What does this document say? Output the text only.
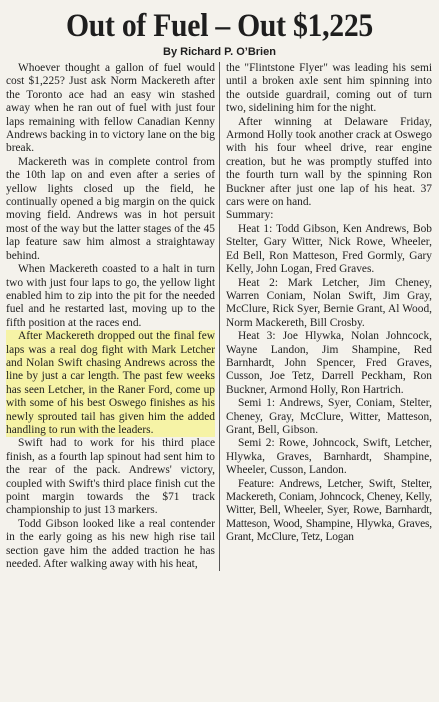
Out of Fuel – Out $1,225
By Richard P. O’Brien

Whoever thought a gallon of fuel would cost $1,225? Just ask Norm Mackereth after the Toronto ace had an easy win stashed away when he ran out of fuel with just four laps remaining with fellow Canadian Kenny Andrews backing in to victory lane on the big break.

Mackereth was in complete control from the 10th lap on and even after a series of yellow lights closed up the field, he continually opened a big margin on the quick moving field. Andrews was in hot persuit most of the way but the latter stages of the 45 lap feature saw him almost a straightaway behind.

When Mackereth coasted to a halt in turn two with just four laps to go, the yellow light enabled him to zip into the pit for the needed fuel and he restarted last, moving up to the fifth position at the races end.

After Mackereth dropped out the final few laps was a real dog fight with Mark Letcher and Nolan Swift chasing Andrews across the line by just a car length. The past few weeks has seen Letcher, in the Raner Ford, come up with some of his best Oswego finishes as his newly sprouted tail has given him the added handling to run with the leaders.

Swift had to work for his third place finish, as a fourth lap spinout had sent him to the rear of the pack. Andrews' victory, coupled with Swift's third place finish cut the point margin towards the $71 track championship to just 13 markers.

Todd Gibson looked like a real contender in the early going as his new high rise tail section gave him the added traction he has needed. After walking away with his heat,

the "Flintstone Flyer" was leading his semi until a broken axle sent him spinning into the outside guardrail, coming out of turn two, sidelining him for the night.

After winning at Delaware Friday, Armond Holly took another crack at Oswego with his four wheel drive, rear engine creation, but he was promptly stuffed into the fourth turn wall by the spinning Ron Buckner after just one lap of his heat. 37 cars were on hand.

Summary:

Heat 1: Todd Gibson, Ken Andrews, Bob Stelter, Gary Witter, Nick Rowe, Wheeler, Ed Bell, Ron Matteson, Fred Gormly, Gary Kelly, John Logan, Fred Graves.

Heat 2: Mark Letcher, Jim Cheney, Warren Coniam, Nolan Swift, Jim Gray, McClure, Rick Syer, Bernie Grant, Al Wood, Norm Mackereth, Bill Crosby.

Heat 3: Joe Hlywka, Nolan Johncock, Wayne Landon, Jim Shampine, Red Barnhardt, John Spencer, Fred Graves, Cusson, Joe Tetz, Darrell Peckham, Ron Buckner, Armond Holly, Ron Hartrich.

Semi 1: Andrews, Syer, Coniam, Stelter, Cheney, Gray, McClure, Witter, Matteson, Grant, Bell, Gibson.

Semi 2: Rowe, Johncock, Swift, Letcher, Hlywka, Graves, Barnhardt, Shampine, Wheeler, Cusson, Landon.

Feature: Andrews, Letcher, Swift, Stelter, Mackereth, Coniam, Johncock, Cheney, Kelly, Witter, Bell, Wheeler, Syer, Rowe, Barnhardt, Matteson, Wood, Shampine, Hlywka, Graves, Grant, McClure, Tetz, Logan
